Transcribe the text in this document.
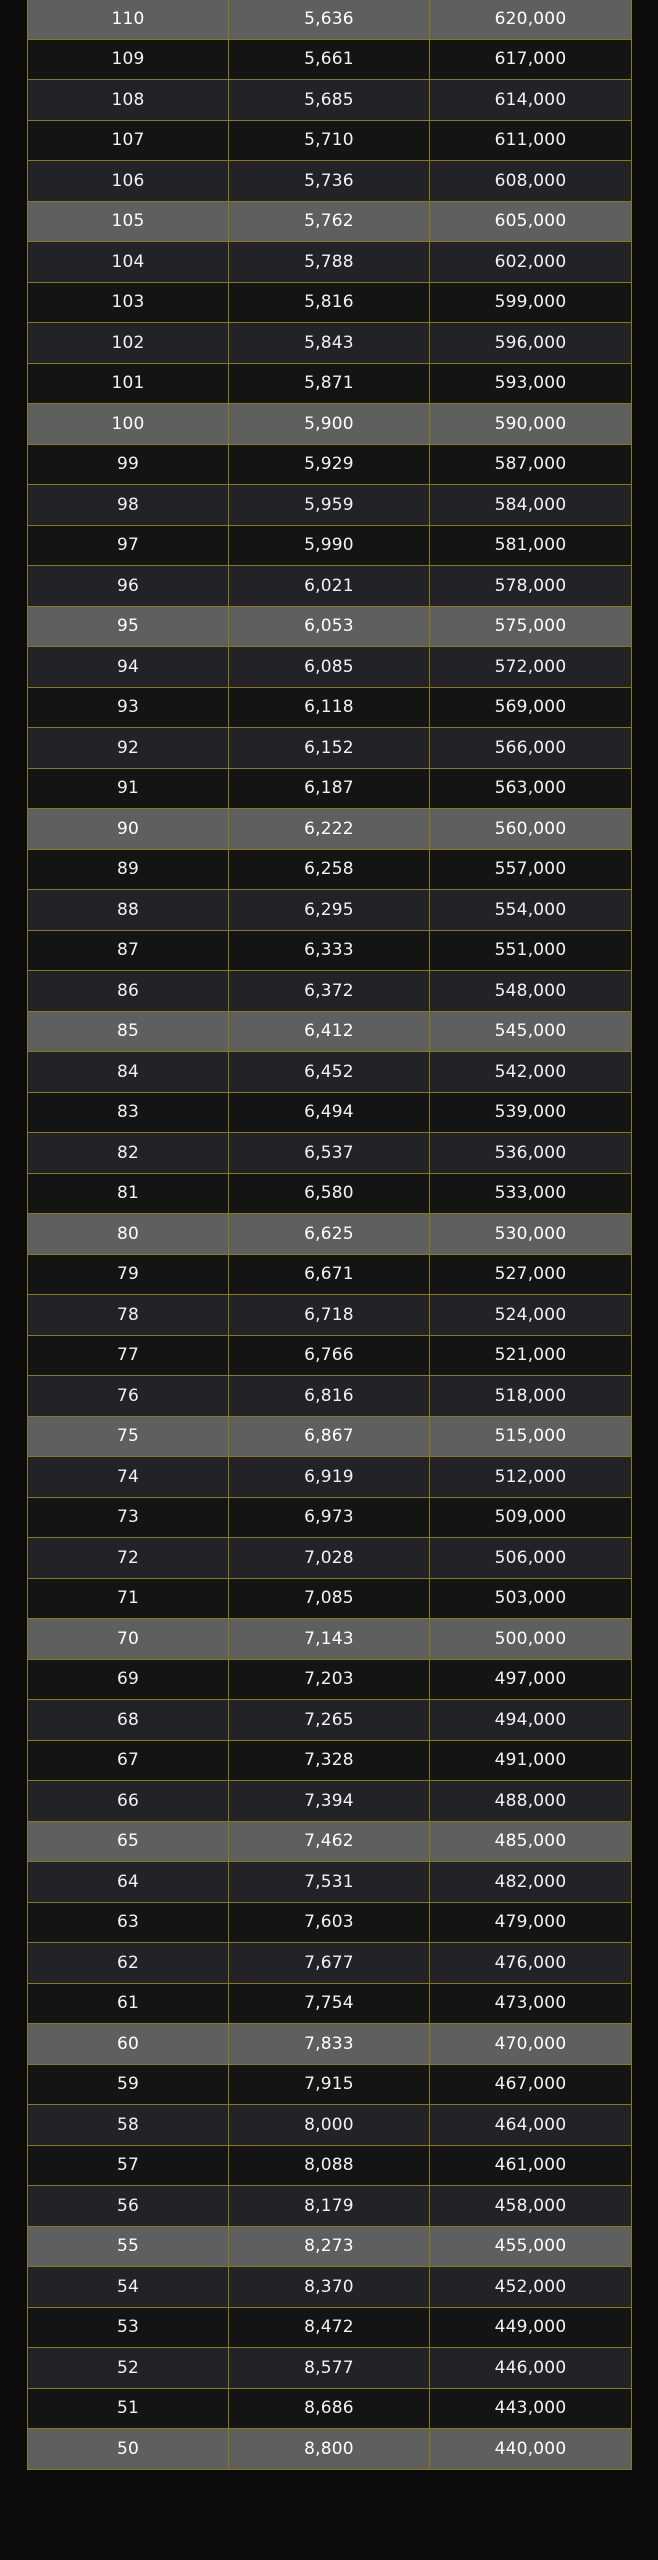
110	5,636	620,000
109	5,661	617,000
108	5,685	614,000
107	5,710	611,000
106	5,736	608,000
105	5,762	605,000
104	5,788	602,000
103	5,816	599,000
102	5,843	596,000
101	5,871	593,000
100	5,900	590,000
99	5,929	587,000
98	5,959	584,000
97	5,990	581,000
96	6,021	578,000
95	6,053	575,000
94	6,085	572,000
93	6,118	569,000
92	6,152	566,000
91	6,187	563,000
90	6,222	560,000
89	6,258	557,000
88	6,295	554,000
87	6,333	551,000
86	6,372	548,000
85	6,412	545,000
84	6,452	542,000
83	6,494	539,000
82	6,537	536,000
81	6,580	533,000
80	6,625	530,000
79	6,671	527,000
78	6,718	524,000
77	6,766	521,000
76	6,816	518,000
75	6,867	515,000
74	6,919	512,000
73	6,973	509,000
72	7,028	506,000
71	7,085	503,000
70	7,143	500,000
69	7,203	497,000
68	7,265	494,000
67	7,328	491,000
66	7,394	488,000
65	7,462	485,000
64	7,531	482,000
63	7,603	479,000
62	7,677	476,000
61	7,754	473,000
60	7,833	470,000
59	7,915	467,000
58	8,000	464,000
57	8,088	461,000
56	8,179	458,000
55	8,273	455,000
54	8,370	452,000
53	8,472	449,000
52	8,577	446,000
51	8,686	443,000
50	8,800	440,000
